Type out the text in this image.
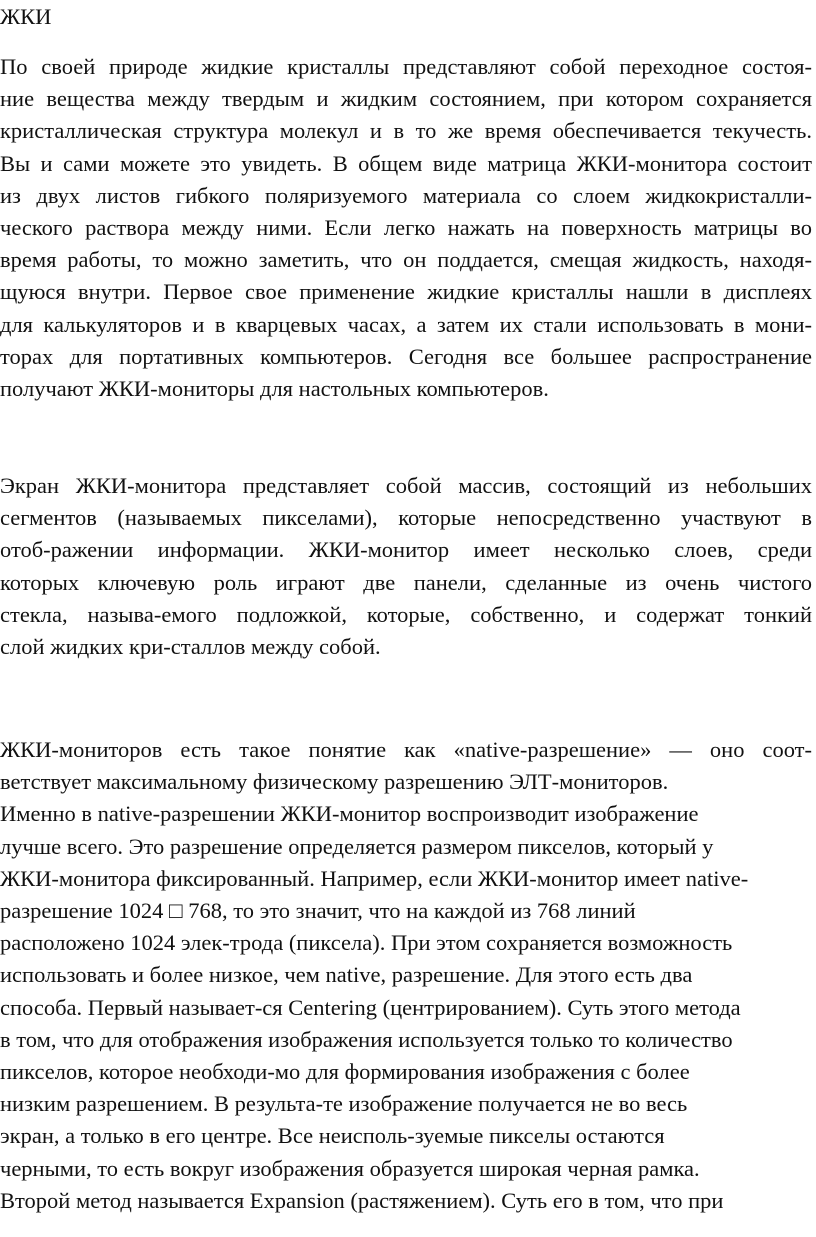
ЖКИ
По своей природе жидкие кристаллы представляют собой переходное состоя-
ние вещества между твердым и жидким состоянием, при котором сохраняется
кристаллическая структура молекул и в то же время обеспечивается текучесть.
Вы и сами можете это увидеть. В общем виде матрица ЖКИ-монитора состоит
из двух листов гибкого поляризуемого материала со слоем жидкокристалли-
ческого раствора между ними. Если легко нажать на поверхность матрицы во
время работы, то можно заметить, что он поддается, смещая жидкость, находя-
щуюся внутри. Первое свое применение жидкие кристаллы нашли в дисплеях
для калькуляторов и в кварцевых часах, а затем их стали использовать в мони-
торах для портативных компьютеров. Сегодня все большее распространение
получают ЖКИ-мониторы для настольных компьютеров.
Экран ЖКИ-монитора представляет собой массив, состоящий из небольших
сегментов (называемых пикселами), которые непосредственно участвуют в
отоб-ражении информации. ЖКИ-монитор имеет несколько слоев, среди
которых ключевую роль играют две панели, сделанные из очень чистого
стекла, называ-емого подложкой, которые, собственно, и содержат тонкий
слой жидких кри-сталлов между собой.
ЖКИ-мониторов есть такое понятие как «native-разрешение» — оно соот-
ветствует максимальному физическому разрешению ЭЛТ-мониторов.
Именно в native-разрешении ЖКИ-монитор воспроизводит изображение
лучше всего. Это разрешение определяется размером пикселов, который у
ЖКИ-монитора фиксированный. Например, если ЖКИ-монитор имеет native-
разрешение 1024 □ 768, то это значит, что на каждой из 768 линий
расположено 1024 элек-трода (пиксела). При этом сохраняется возможность
использовать и более низкое, чем native, разрешение. Для этого есть два
способа. Первый называет-ся Centering (центрированием). Суть этого метода
в том, что для отображения изображения используется только то количество
пикселов, которое необходи-мо для формирования изображения с более
низким разрешением. В результа-те изображение получается не во весь
экран, а только в его центре. Все неисполь-зуемые пикселы остаются
черными, то есть вокруг изображения образуется широкая черная рамка.
Второй метод называется Expansion (растяжением). Суть его в том, что при
